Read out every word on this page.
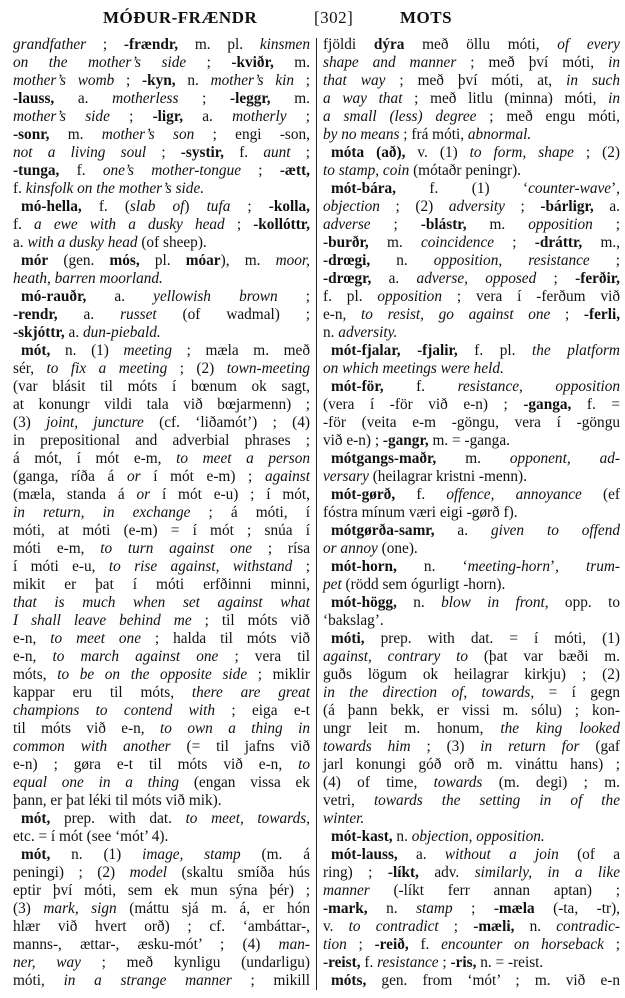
MÓÐUR-FRÆNDR	[302]	MOTS
grandfather ; -frændr, m. pl. kinsmen
on the mother’s side ; -kviðr, m.
mother’s womb ; -kyn, n. mother’s kin ;
-lauss, a. motherless ; -leggr, m.
mother’s side ; -ligr, a. motherly ;
-sonr, m. mother’s son ; engi -son,
not a living soul ; -systir, f. aunt ;
-tunga, f. one’s mother-tongue ; -ætt,
f. kinsfolk on the mother’s side.
mó-hella, f. (slab of) tufa ; -kolla,
f. a ewe with a dusky head ; -kollóttr,
a. with a dusky head (of sheep).
mór (gen. mós, pl. móar), m. moor,
heath, barren moorland.
mó-rauðr, a. yellowish brown ;
-rendr, a. russet (of wadmal) ;
-skjóttr, a. dun-piebald.
mót, n. (1) meeting ; mæla m. með
sér, to fix a meeting ; (2) town-meeting
(var blásit til móts í bœnum ok sagt,
at konungr vildi tala við bœjarmenn) ;
(3) joint, juncture (cf. ‘liðamót’) ; (4)
in prepositional and adverbial phrases ;
á mót, í mót e-m, to meet a person
(ganga, ríða á or í mót e-m) ; against
(mæla, standa á or í mót e-u) ; í mót,
in return, in exchange ; á móti, í
móti, at móti (e-m) = í mót ; snúa í
móti e-m, to turn against one ; rísa
í móti e-u, to rise against, withstand ;
mikit er þat í móti erfðinni minni,
that is much when set against what
I shall leave behind me ; til móts við
e-n, to meet one ; halda til móts við
e-n, to march against one ; vera til
móts, to be on the opposite side ; miklir
kappar eru til móts, there are great
champions to contend with ; eiga e-t
til móts við e-n, to own a thing in
common with another (= til jafns við
e-n) ; gøra e-t til móts við e-n, to
equal one in a thing (engan vissa ek
þann, er þat léki til móts við mik).
mót, prep. with dat. to meet, towards,
etc. = í mót (see ‘mót’ 4).
mót, n. (1) image, stamp (m. á
peningi) ; (2) model (skaltu smíða hús
eptir því móti, sem ek mun sýna þér) ;
(3) mark, sign (máttu sjá m. á, er hón
hlær við hvert orð) ; cf. ‘ambáttar-,
manns-, ættar-, æsku-mót’ ; (4) man-
ner, way ; með kynligu (undarligu)
móti, in a strange manner ; mikill
fjöldi dýra með öllu móti, of every
shape and manner ; með því móti, in
that way ; með því móti, at, in such
a way that ; með litlu (minna) móti, in
a small (less) degree ; með engu móti,
by no means ; frá móti, abnormal.
móta (að), v. (1) to form, shape ; (2)
to stamp, coin (mótaðr peningr).
mót-bára, f. (1) ‘counter-wave’,
objection ; (2) adversity ; -bárligr, a.
adverse ; -blástr, m. opposition ;
-burðr, m. coincidence ; -dráttr, m.,
-drœgi, n. opposition, resistance ;
-drœgr, a. adverse, opposed ; -ferðir,
f. pl. opposition ; vera í -ferðum við
e-n, to resist, go against one ; -ferli,
n. adversity.
mót-fjalar, -fjalir, f. pl. the platform
on which meetings were held.
mót-för, f. resistance, opposition
(vera í -för við e-n) ; -ganga, f. =
-för (veita e-m -göngu, vera í -göngu
við e-n) ; -gangr, m. = -ganga.
mótgangs-maðr, m. opponent, ad-
versary (heilagrar kristni -menn).
mót-gørð, f. offence, annoyance (ef
fóstra mínum væri eigi -gørð f).
mótgørða-samr, a. given to offend
or annoy (one).
mót-horn, n. ‘meeting-horn’, trum-
pet (rödd sem ógurligt -horn).
mót-högg, n. blow in front, opp. to
‘bakslag’.
móti, prep. with dat. = í móti, (1)
against, contrary to (þat var bæði m.
guðs lögum ok heilagrar kirkju) ; (2)
in the direction of, towards, = í gegn
(á þann bekk, er vissi m. sólu) ; kon-
ungr leit m. honum, the king looked
towards him ; (3) in return for (gaf
jarl konungi góð orð m. vináttu hans) ;
(4) of time, towards (m. degi) ; m.
vetri, towards the setting in of the
winter.
mót-kast, n. objection, opposition.
mót-lauss, a. without a join (of a
ring) ; -líkt, adv. similarly, in a like
manner (-líkt ferr annan aptan) ;
-mark, n. stamp ; -mæla (-ta, -tr),
v. to contradict ; -mæli, n. contradic-
tion ; -reið, f. encounter on horseback ;
-reist, f. resistance ; -ris, n. = -reist.
móts, gen. from ‘mót’ ; m. við e-n
